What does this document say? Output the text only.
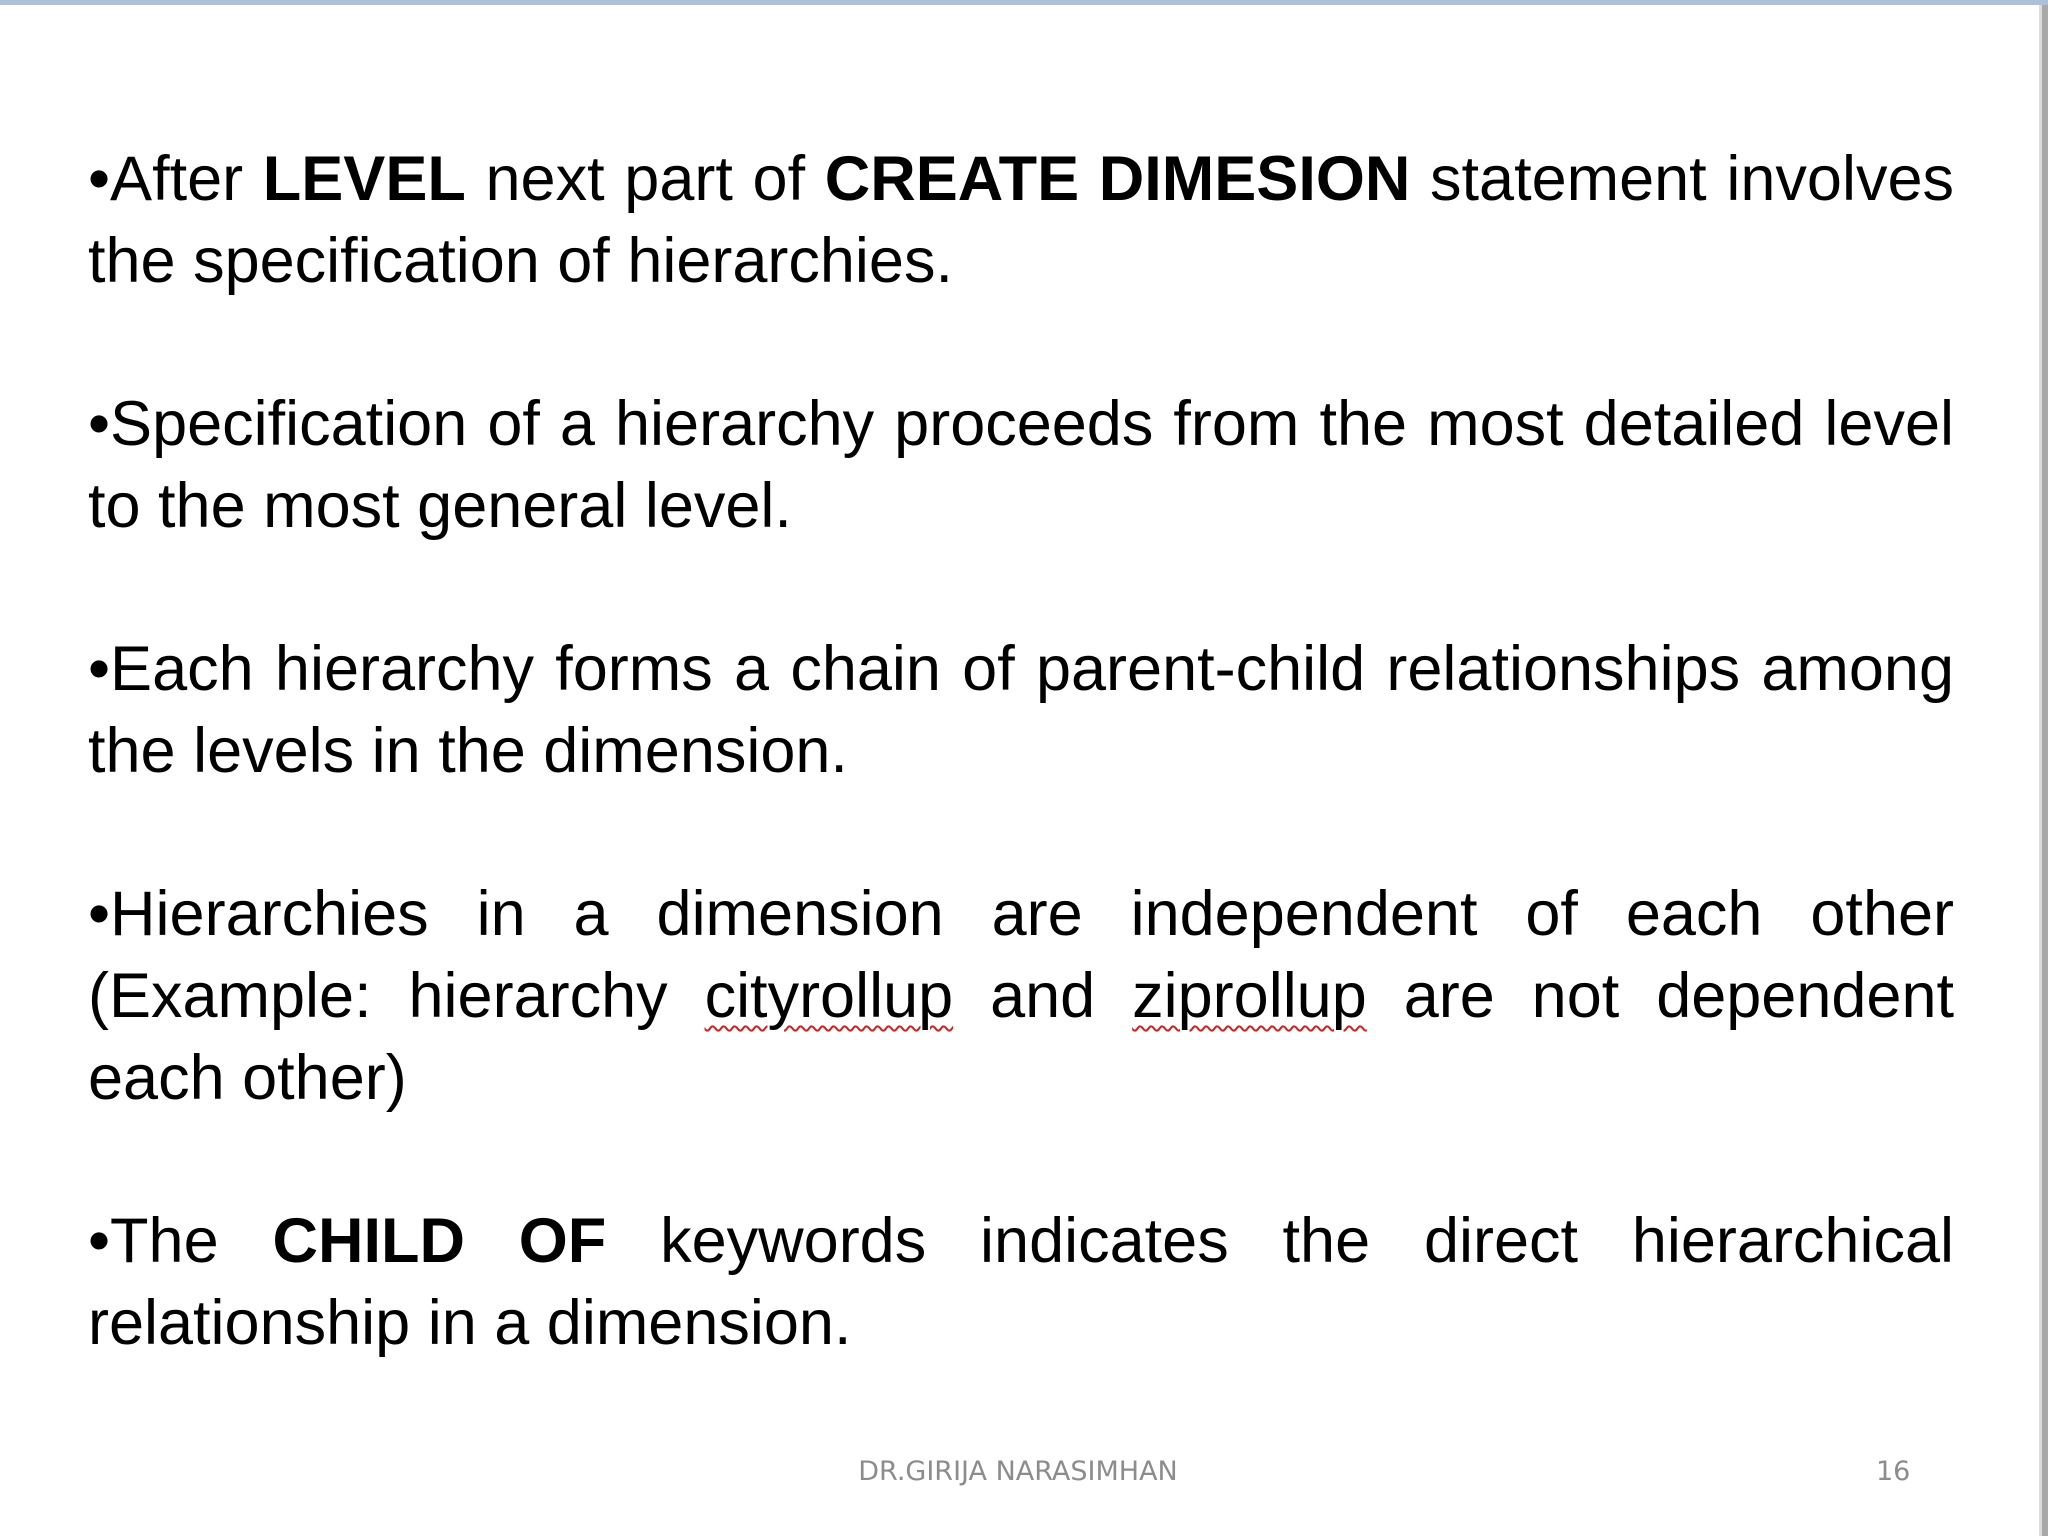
•After LEVEL next part of CREATE DIMESION statement involves the specification of hierarchies.
•Specification of a hierarchy proceeds from the most detailed level to the most general level.
•Each hierarchy forms a chain of parent-child relationships among the levels in the dimension.
•Hierarchies in a dimension are independent of each other (Example: hierarchy cityrollup and ziprollup are not dependent each other)
•The CHILD OF keywords indicates the direct hierarchical relationship in a dimension.
DR.GIRIJA NARASIMHAN	16
